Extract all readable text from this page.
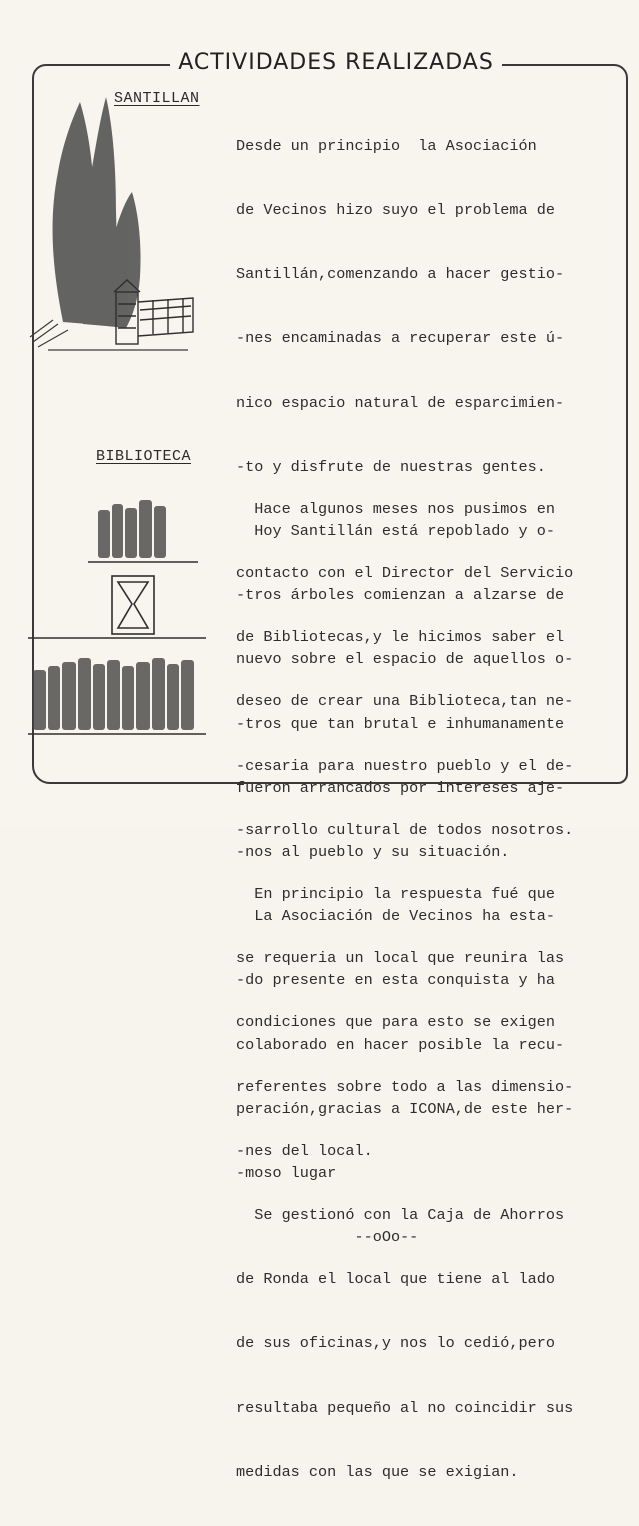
ACTIVIDADES REALIZADAS
SANTILLAN

Desde un principio  la Asociación

de Vecinos hizo suyo el problema de

Santillán,comenzando a hacer gestio-

-nes encaminadas a recuperar este ú-

nico espacio natural de esparcimien-

-to y disfrute de nuestras gentes.

Hoy Santillán está repoblado y o-

-tros árboles comienzan a alzarse de

nuevo sobre el espacio de aquellos o-

-tros que tan brutal e inhumanamente

fueron arrancados por intereses aje-

-nos al pueblo y su situación.

La Asociación de Vecinos ha esta-

-do presente en esta conquista y ha

colaborado en hacer posible la recu-

peración,gracias a ICONA,de este her-

-moso lugar

--oOo--

BIBLIOTECA

Hace algunos meses nos pusimos en

contacto con el Director del Servicio

de Bibliotecas,y le hicimos saber el

deseo de crear una Biblioteca,tan ne-

-cesaria para nuestro pueblo y el de-

-sarrollo cultural de todos nosotros.

En principio la respuesta fué que

se requeria un local que reunira las

condiciones que para esto se exigen

referentes sobre todo a las dimensio-

-nes del local.

Se gestionó con la Caja de Ahorros

de Ronda el local que tiene al lado

de sus oficinas,y nos lo cedió,pero

resultaba pequeño al no coincidir sus

medidas con las que se exigian.
